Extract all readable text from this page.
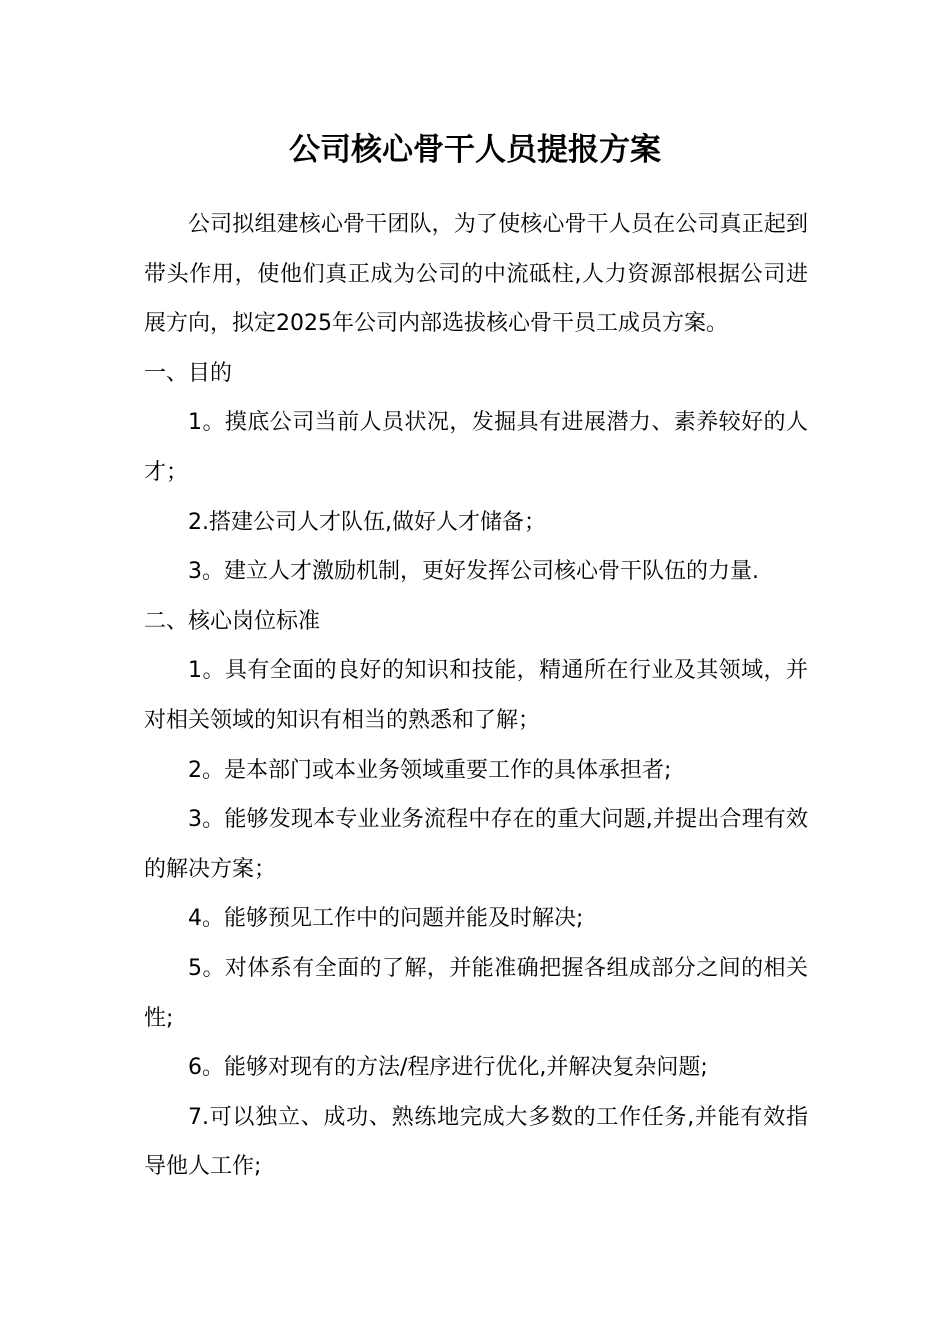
公司核心骨干人员提报方案

公司拟组建核心骨干团队，为了使核心骨干人员在公司真正起到带头作用，使他们真正成为公司的中流砥柱,人力资源部根据公司进展方向，拟定2025年公司内部选拔核心骨干员工成员方案。

一、目的

1。摸底公司当前人员状况，发掘具有进展潜力、素养较好的人才；

2.搭建公司人才队伍,做好人才储备；

3。建立人才激励机制，更好发挥公司核心骨干队伍的力量.

二、核心岗位标准

1。具有全面的良好的知识和技能，精通所在行业及其领域，并对相关领域的知识有相当的熟悉和了解；

2。是本部门或本业务领域重要工作的具体承担者;

3。能够发现本专业业务流程中存在的重大问题,并提出合理有效的解决方案；

4。能够预见工作中的问题并能及时解决;

5。对体系有全面的了解，并能准确把握各组成部分之间的相关性;

6。能够对现有的方法/程序进行优化,并解决复杂问题;

7.可以独立、成功、熟练地完成大多数的工作任务,并能有效指导他人工作;
